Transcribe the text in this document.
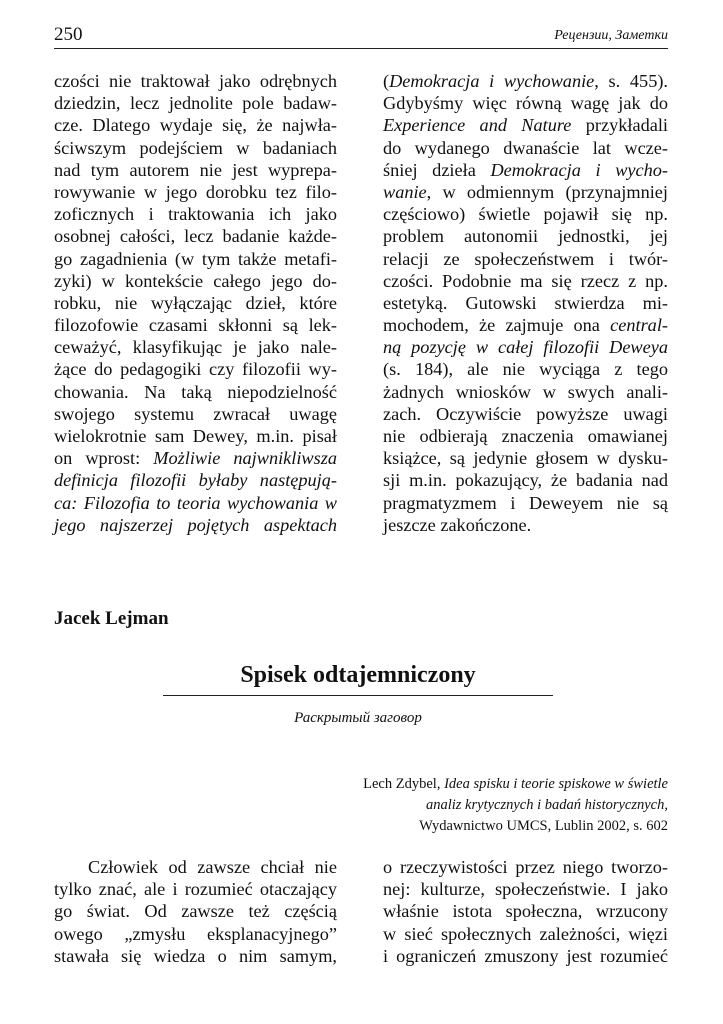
250	Рецензии, Заметки
czości nie traktował jako odrębnych
dziedzin, lecz jednolite pole badaw-
cze. Dlatego wydaje się, że najwła-
ściwszym podejściem w badaniach
nad tym autorem nie jest wyprepa-
rowywanie w jego dorobku tez filo-
zoficznych i traktowania ich jako
osobnej całości, lecz badanie każde-
go zagadnienia (w tym także metafi-
zyki) w kontekście całego jego do-
robku, nie wyłączając dzieł, które
filozofowie czasami skłonni są lek-
ceważyć, klasyfikując je jako nale-
żące do pedagogiki czy filozofii wy-
chowania. Na taką niepodzielność
swojego systemu zwracał uwagę
wielokrotnie sam Dewey, m.in. pisał
on wprost: Możliwie najwnikliwsza
definicja filozofii byłaby następują-
ca: Filozofia to teoria wychowania w
jego najszerzej pojętych aspektach
(Demokracja i wychowanie, s. 455).
Gdybyśmy więc równą wagę jak do
Experience and Nature przykładali
do wydanego dwanaście lat wcze-
śniej dzieła Demokracja i wycho-
wanie, w odmiennym (przynajmniej
częściowo) świetle pojawił się np.
problem autonomii jednostki, jej
relacji ze społeczeństwem i twór-
czości. Podobnie ma się rzecz z np.
estetyką. Gutowski stwierdza mi-
mochodem, że zajmuje ona central-
ną pozycję w całej filozofii Deweya
(s. 184), ale nie wyciąga z tego
żadnych wniosków w swych anali-
zach. Oczywiście powyższe uwagi
nie odbierają znaczenia omawianej
książce, są jedynie głosem w dysku-
sji m.in. pokazujący, że badania nad
pragmatyzmem i Deweyem nie są
jeszcze zakończone.
Jacek Lejman
Spisek odtajemniczony
Раскрытый заговор
Lech Zdybel, Idea spisku i teorie spiskowe w świetle
analiz krytycznych i badań historycznych,
Wydawnictwo UMCS, Lublin 2002, s. 602
Człowiek od zawsze chciał nie
tylko znać, ale i rozumieć otaczający
go świat. Od zawsze też częścią
owego „zmysłu eksplanacyjnego”
stawała się wiedza o nim samym,
o rzeczywistości przez niego tworzo-
nej: kulturze, społeczeństwie. I jako
właśnie istota społeczna, wrzucony
w sieć społecznych zależności, więzi
i ograniczeń zmuszony jest rozumieć
